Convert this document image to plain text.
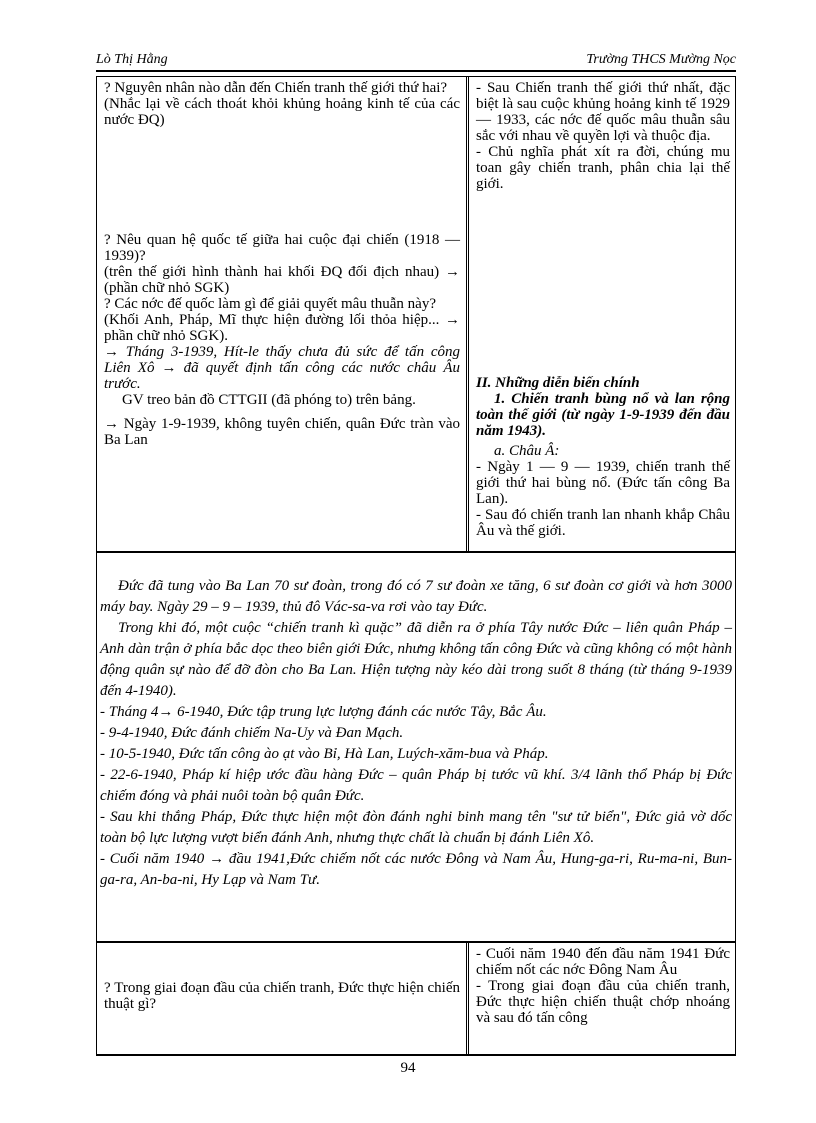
Lò Thị Hằng	Trường THCS Mường Nọc

? Nguyên nhân nào dẫn đến Chiến tranh thế giới thứ hai?

(Nhắc lại về cách thoát khỏi khủng hoảng kinh tế của các nước ĐQ)

? Nêu quan hệ quốc tế giữa hai cuộc đại chiến (1918 — 1939)?

(trên thế giới hình thành hai khối ĐQ đối địch nhau) → (phần chữ nhỏ SGK)

? Các nớc đế quốc làm gì để giải quyết mâu thuẫn này?

(Khối Anh, Pháp, Mĩ thực hiện đường lối thỏa hiệp... → phần chữ nhỏ SGK).

→ Tháng 3-1939, Hít-le thấy chưa đủ sức để tấn công Liên Xô → đã quyết định tấn công các nước châu Âu trước.

GV treo bản đồ CTTGII (đã phóng to) trên bảng.

→ Ngày 1-9-1939, không tuyên chiến, quân Đức tràn vào Ba Lan

- Sau Chiến tranh thế giới thứ nhất, đặc biệt là sau cuộc khủng hoảng kinh tế 1929 — 1933, các nớc đế quốc mâu thuẫn sâu sắc với nhau về quyền lợi và thuộc địa.

- Chủ nghĩa phát xít ra đời, chúng mu toan gây chiến tranh, phân chia lại thế giới.

II. Những diễn biến chính

1. Chiến tranh bùng nổ và lan rộng toàn thế giới (từ ngày 1-9-1939 đến đầu năm 1943).

a. Châu Â:

- Ngày 1 — 9 — 1939, chiến tranh thế giới thứ hai bùng nổ. (Đức tấn công Ba Lan).

- Sau đó chiến tranh lan nhanh khắp Châu Âu và thế giới.

Đức đã tung vào Ba Lan 70 sư đoàn, trong đó có 7 sư đoàn xe tăng, 6 sư đoàn cơ giới và hơn 3000 máy bay. Ngày 29 – 9 – 1939, thủ đô Vác-sa-va rơi vào tay Đức.

Trong khi đó, một cuộc “chiến tranh kì quặc” đã diễn ra ở phía Tây nước Đức – liên quân Pháp – Anh dàn trận ở phía bắc dọc theo biên giới Đức, nhưng không tấn công Đức và cũng không có một hành động quân sự nào để đỡ đòn cho Ba Lan. Hiện tượng này kéo dài trong suốt 8 tháng (từ tháng 9-1939 đến 4-1940).

- Tháng 4→ 6-1940, Đức tập trung lực lượng đánh các nước Tây, Bắc Âu.

- 9-4-1940, Đức đánh chiếm Na-Uy và Đan Mạch.

- 10-5-1940, Đức tấn công ào ạt vào Bỉ, Hà Lan, Luých-xăm-bua và Pháp.

- 22-6-1940, Pháp kí hiệp ước đầu hàng Đức – quân Pháp bị tước vũ khí. 3/4 lãnh thổ Pháp bị Đức chiếm đóng và phải nuôi toàn bộ quân Đức.

- Sau khi thắng Pháp, Đức thực hiện một đòn đánh nghi binh mang tên "sư tử biển", Đức giả vờ dốc toàn bộ lực lượng vượt biển đánh Anh, nhưng thực chất là chuẩn bị đánh Liên Xô.

- Cuối năm 1940 → đầu 1941,Đức chiếm nốt các nước Đông và Nam Âu, Hung-ga-ri, Ru-ma-ni, Bun-ga-ra, An-ba-ni, Hy Lạp và Nam Tư.

? Trong giai đoạn đầu của chiến tranh, Đức thực hiện chiến thuật gì?

- Cuối năm 1940 đến đầu năm 1941 Đức chiếm nốt các nớc Đông Nam Âu

- Trong giai đoạn đầu của chiến tranh, Đức thực hiện chiến thuật chớp nhoáng và sau đó tấn công

94
